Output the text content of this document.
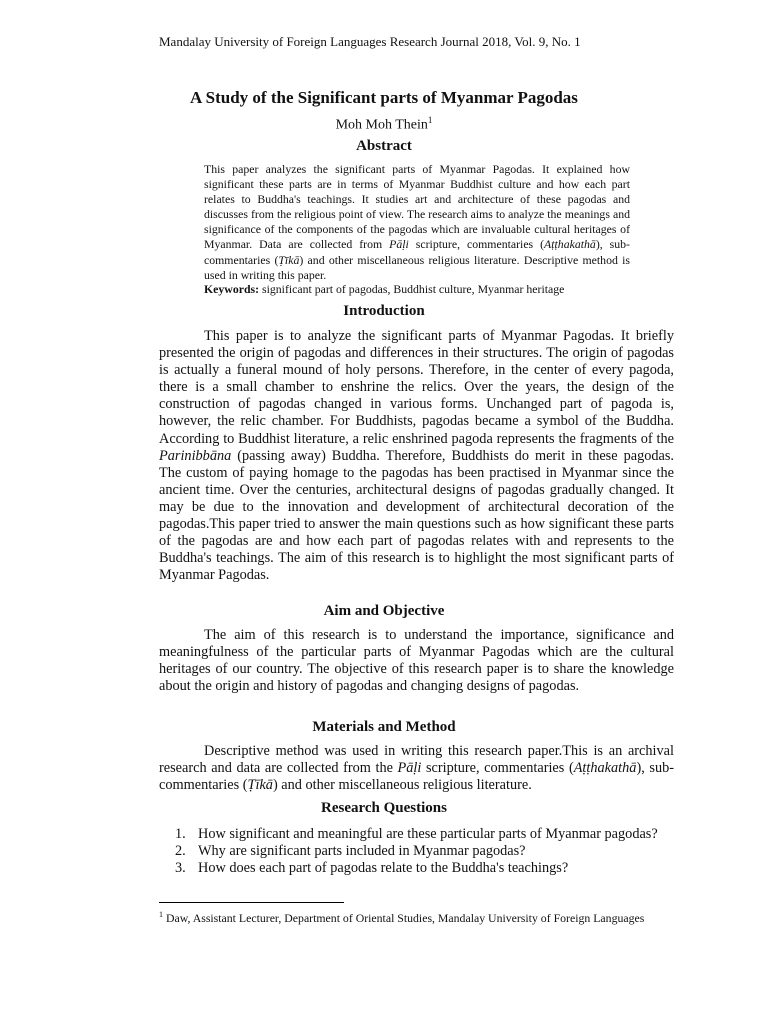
Mandalay University of Foreign Languages Research Journal 2018, Vol. 9, No. 1
A Study of the Significant parts of Myanmar Pagodas
Moh Moh Thein$^1$
Abstract
This paper analyzes the significant parts of Myanmar Pagodas. It explained how significant these parts are in terms of Myanmar Buddhist culture and how each part relates to Buddha's teachings. It studies art and architecture of these pagodas and discusses from the religious point of view. The research aims to analyze the meanings and significance of the components of the pagodas which are invaluable cultural heritages of Myanmar. Data are collected from Pāḷi scripture, commentaries (Aṭṭhakathā), sub-commentaries (Ṭīkā) and other miscellaneous religious literature. Descriptive method is used in writing this paper.
Keywords: significant part of pagodas, Buddhist culture, Myanmar heritage
Introduction

This paper is to analyze the significant parts of Myanmar Pagodas. It briefly presented the origin of pagodas and differences in their structures. The origin of pagodas is actually a funeral mound of holy persons. Therefore, in the center of every pagoda, there is a small chamber to enshrine the relics. Over the years, the design of the construction of pagodas changed in various forms. Unchanged part of pagoda is, however, the relic chamber. For Buddhists, pagodas became a symbol of the Buddha. According to Buddhist literature, a relic enshrined pagoda represents the fragments of the Parinibbāna (passing away) Buddha. Therefore, Buddhists do merit in these pagodas. The custom of paying homage to the pagodas has been practised in Myanmar since the ancient time. Over the centuries, architectural designs of pagodas gradually changed. It may be due to the innovation and development of architectural decoration of the pagodas.This paper tried to answer the main questions such as how significant these parts of the pagodas are and how each part of pagodas relates with and represents to the Buddha's teachings. The aim of this research is to highlight the most significant parts of Myanmar Pagodas.

Aim and Objective

The aim of this research is to understand the importance, significance and meaningfulness of the particular parts of Myanmar Pagodas which are the cultural heritages of our country. The objective of this research paper is to share the knowledge about the origin and history of pagodas and changing designs of pagodas.

Materials and Method

Descriptive method was used in writing this research paper.This is an archival research and data are collected from the Pāḷi scripture, commentaries (Aṭṭhakathā), sub-commentaries (Ṭīkā) and other miscellaneous religious literature.

Research Questions
1. How significant and meaningful are these particular parts of Myanmar pagodas?
2. Why are significant parts included in Myanmar pagodas?
3. How does each part of pagodas relate to the Buddha's teachings?
$^1$ Daw, Assistant Lecturer, Department of Oriental Studies, Mandalay University of Foreign Languages
